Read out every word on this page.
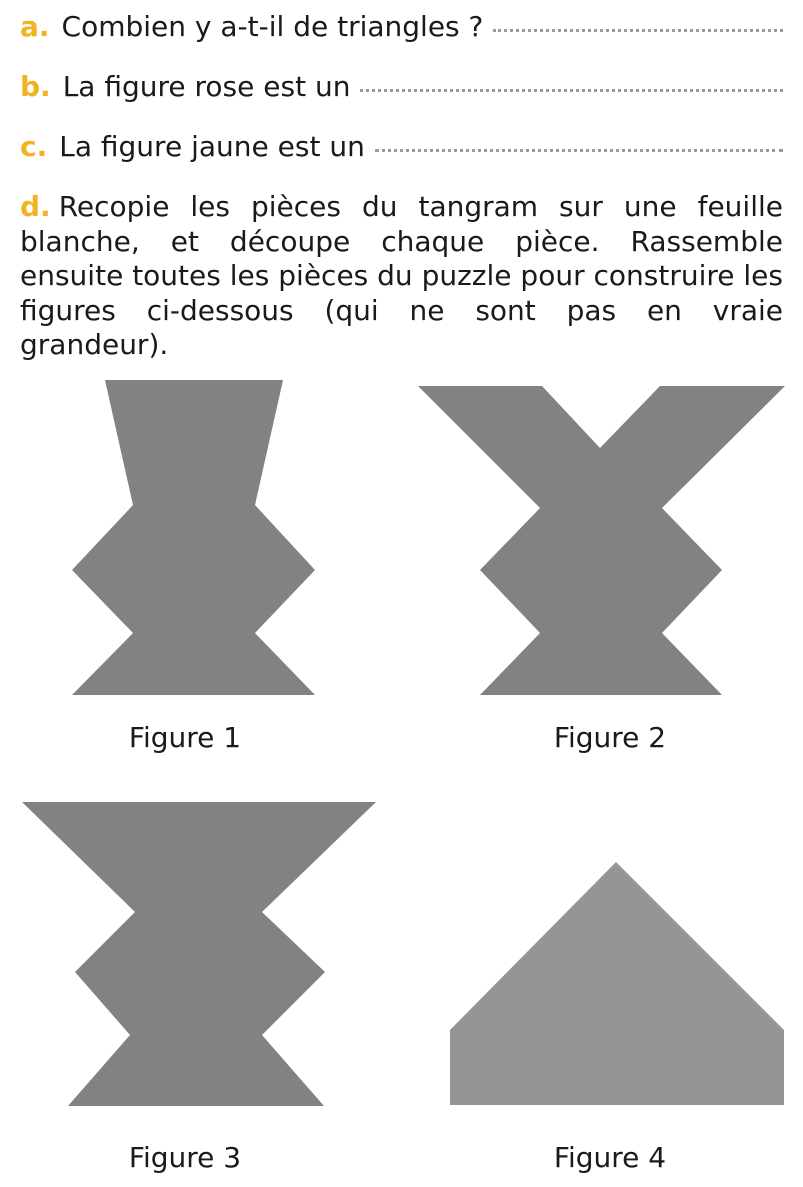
a. Combien y a-t-il de triangles ?
b. La figure rose est un
c. La figure jaune est un
d. Recopie les pièces du tangram sur une feuille blanche, et découpe chaque pièce. Rassemble ensuite toutes les pièces du puzzle pour construire les figures ci-dessous (qui ne sont pas en vraie grandeur).
Figure 1	Figure 2
Figure 3	Figure 4
